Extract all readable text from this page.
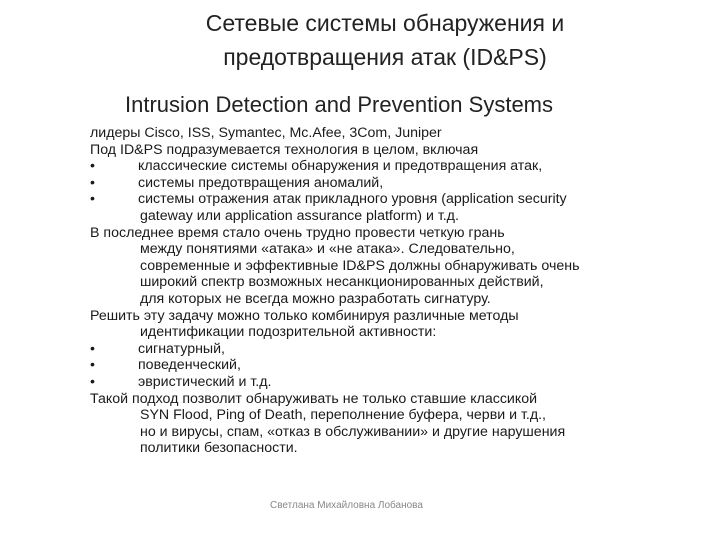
Сетевые системы обнаружения и
предотвращения атак (ID&PS)
Intrusion Detection and Prevention Systems
лидеры Cisco, ISS, Symantec, Mc.Afee, 3Com, Juniper
Под ID&PS подразумевается технология в целом, включая
•	классические системы обнаружения и предотвращения атак,
•	системы предотвращения аномалий,
•	системы отражения атак прикладного уровня (application security
gateway или application assurance platform) и т.д.
В последнее время стало очень трудно провести четкую грань
между понятиями «атака» и «не атака». Следовательно,
современные и эффективные ID&PS должны обнаруживать очень
широкий спектр возможных несанкционированных действий,
для которых не всегда можно разработать сигнатуру.
Решить эту задачу можно только комбинируя различные методы
идентификации подозрительной активности:
•	сигнатурный,
•	поведенческий,
•	эвристический и т.д.
Такой подход позволит обнаруживать не только ставшие классикой
SYN Flood, Ping of Death, переполнение буфера, черви и т.д.,
но и вирусы, спам, «отказ в обслуживании» и другие нарушения
политики безопасности.
Светлана Михайловна Лобанова
